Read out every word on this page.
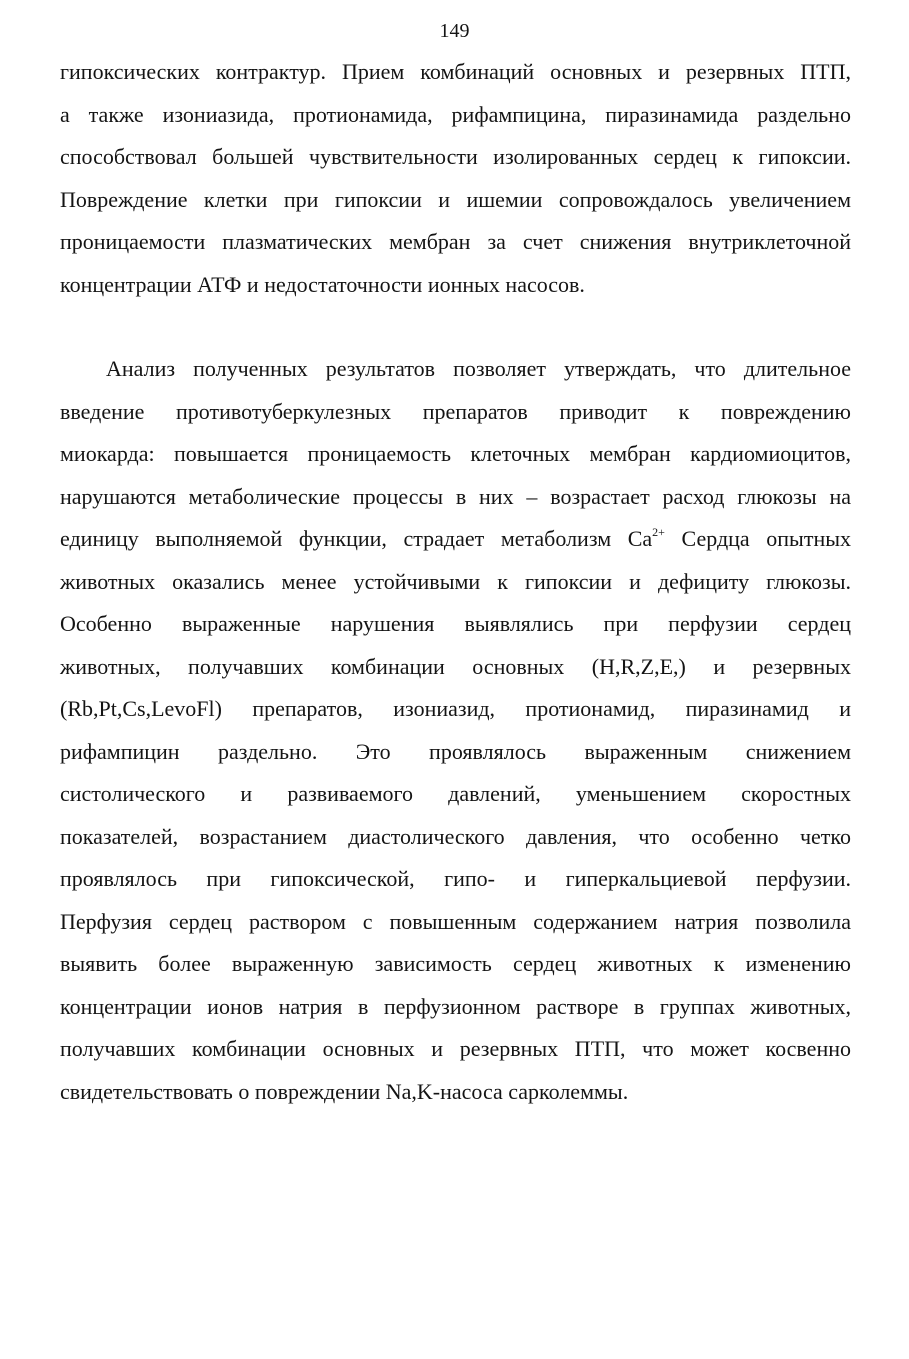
149
гипоксических контрактур. Прием комбинаций основных и резервных ПТП,
а также изониазида, протионамида, рифампицина, пиразинамида раздельно
способствовал большей чувствительности изолированных сердец к гипоксии.
Повреждение клетки при гипоксии и ишемии сопровождалось увеличением
проницаемости плазматических мембран за счет снижения внутриклеточной
концентрации АТФ и недостаточности ионных насосов.
Анализ полученных результатов позволяет утверждать, что длительное
введение противотуберкулезных препаратов приводит к повреждению
миокарда: повышается проницаемость клеточных мембран кардиомиоцитов,
нарушаются метаболические процессы в них – возрастает расход глюкозы на
единицу выполняемой функции, страдает метаболизм $Ca^{2+}$ Сердца опытных
животных оказались менее устойчивыми к гипоксии и дефициту глюкозы.
Особенно выраженные нарушения выявлялись при перфузии сердец
животных, получавших комбинации основных (H,R,Z,E,) и резервных
(Rb,Pt,Cs,LevoFl) препаратов, изониазид, протионамид, пиразинамид и
рифампицин раздельно. Это проявлялось выраженным снижением
систолического и развиваемого давлений, уменьшением скоростных
показателей, возрастанием диастолического давления, что особенно четко
проявлялось при гипоксической, гипо- и гиперкальциевой перфузии.
Перфузия сердец раствором с повышенным содержанием натрия позволила
выявить более выраженную зависимость сердец животных к изменению
концентрации ионов натрия в перфузионном растворе в группах животных,
получавших комбинации основных и резервных ПТП, что может косвенно
свидетельствовать о повреждении Na,K-насоса сарколеммы.
